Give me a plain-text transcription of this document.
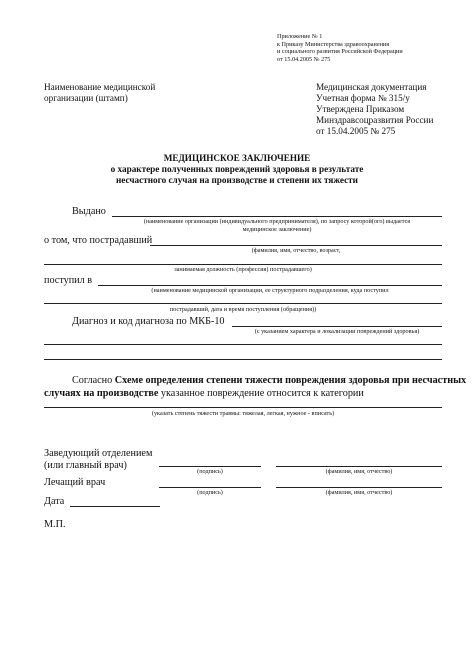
Приложение № 1
к Приказу Министерства здравоохранения
и социального развития Российской Федерации
от 15.04.2005 № 275
Наименование медицинской
организации (штамп)
Медицинская документация
Учетная форма № 315/у
Утверждена Приказом
Минздравсоцразвития России
от 15.04.2005 № 275
МЕДИЦИНСКОЕ ЗАКЛЮЧЕНИЕ
о характере полученных повреждений здоровья в результате
несчастного случая на производстве и степени их тяжести
Выдано
(наименование организации (индивидуального предпринимателя), по запросу которой(ого) выдается
медицинское заключение)
о том, что пострадавший
(фамилия, имя, отчество, возраст,
занимаемая должность (профессия) пострадавшего)
поступил в
(наименование медицинской организации, ее структурного подразделения, куда поступил
пострадавший, дата и время поступления (обращения))
Диагноз и код диагноза по МКБ-10
(с указанием характера и локализации повреждений здоровья)
Согласно Схеме определения степени тяжести повреждения здоровья при несчастных
случаях на производстве указанное повреждение относится к категории
(указать степень тяжести травмы: тяжелая, легкая, нужное - вписать)
Заведующий отделением
(или главный врач)
(подпись)	(фамилия, имя, отчество)
Лечащий врач
(подпись)	(фамилия, имя, отчество)
Дата
М.П.
